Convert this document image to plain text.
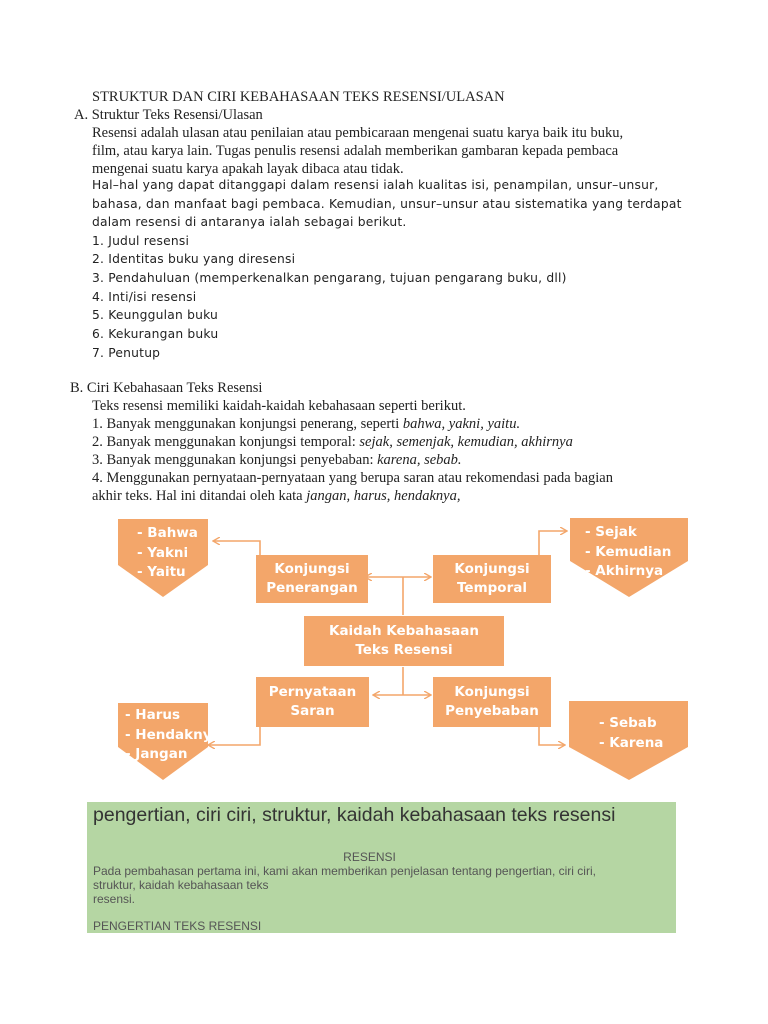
STRUKTUR DAN CIRI KEBAHASAAN TEKS RESENSI/ULASAN
A. Struktur Teks Resensi/Ulasan
Resensi adalah ulasan atau penilaian atau pembicaraan mengenai suatu karya baik itu buku,
film, atau karya lain. Tugas penulis resensi adalah memberikan gambaran kepada pembaca
mengenai suatu karya apakah layak dibaca atau tidak.
Hal–hal yang dapat ditanggapi dalam resensi ialah kualitas isi, penampilan, unsur–unsur,
bahasa, dan manfaat bagi pembaca. Kemudian, unsur–unsur atau sistematika yang terdapat
dalam resensi di antaranya ialah sebagai berikut.
1. Judul resensi
2. Identitas buku yang diresensi
3. Pendahuluan (memperkenalkan pengarang, tujuan pengarang buku, dll)
4. Inti/isi resensi
5. Keunggulan buku
6. Kekurangan buku
7. Penutup
B. Ciri Kebahasaan Teks Resensi
Teks resensi memiliki kaidah-kaidah kebahasaan seperti berikut.
1. Banyak menggunakan konjungsi penerang, seperti bahwa, yakni, yaitu.
2. Banyak menggunakan konjungsi temporal: sejak, semenjak, kemudian, akhirnya
3. Banyak menggunakan konjungsi penyebaban: karena, sebab.
4. Menggunakan pernyataan-pernyataan yang berupa saran atau rekomendasi pada bagian
akhir teks. Hal ini ditandai oleh kata jangan, harus, hendaknya,
- Bahwa
- Yakni
- Yaitu
- Sejak
- Kemudian
- Akhirnya
- Harus
- Hendaknya
- Jangan
- Sebab
- Karena
Konjungsi
Penerangan
Konjungsi
Temporal
Kaidah Kebahasaan
Teks Resensi
Pernyataan
Saran
Konjungsi
Penyebaban
pengertian, ciri ciri, struktur, kaidah kebahasaan teks resensi
RESENSI
Pada pembahasan pertama ini, kami akan memberikan penjelasan tentang pengertian, ciri ciri,
struktur, kaidah kebahasaan teks
resensi.
PENGERTIAN TEKS RESENSI
